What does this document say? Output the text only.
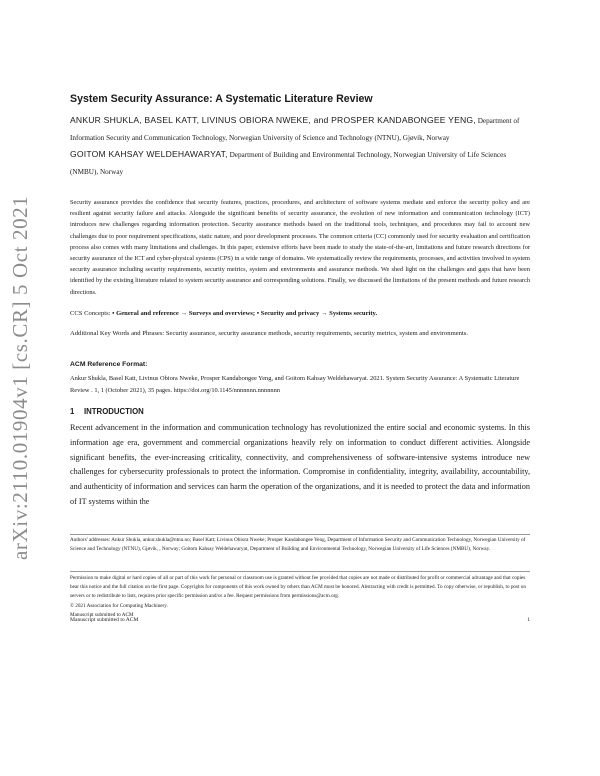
arXiv:2110.01904v1 [cs.CR] 5 Oct 2021
System Security Assurance: A Systematic Literature Review
ANKUR SHUKLA, BASEL KATT, LIVINUS OBIORA NWEKE, and PROSPER KANDABONGEE YENG, Department of Information Security and Communication Technology, Norwegian University of Science and Technology (NTNU), Gjøvik, Norway
GOITOM KAHSAY WELDEHAWARYAT, Department of Building and Environmental Technology, Norwegian University of Life Sciences (NMBU), Norway
Security assurance provides the confidence that security features, practices, procedures, and architecture of software systems mediate and enforce the security policy and are resilient against security failure and attacks. Alongside the significant benefits of security assurance, the evolution of new information and communication technology (ICT) introduces new challenges regarding information protection. Security assurance methods based on the traditional tools, techniques, and procedures may fail to account new challenges due to poor requirement specifications, static nature, and poor development processes. The common criteria (CC) commonly used for security evaluation and certification process also comes with many limitations and challenges. In this paper, extensive efforts have been made to study the state-of-the-art, limitations and future research directions for security assurance of the ICT and cyber-physical systems (CPS) in a wide range of domains. We systematically review the requirements, processes, and activities involved in system security assurance including security requirements, security metrics, system and environments and assurance methods. We shed light on the challenges and gaps that have been identified by the existing literature related to system security assurance and corresponding solutions. Finally, we discussed the limitations of the present methods and future research directions.
CCS Concepts: • General and reference → Surveys and overviews; • Security and privacy → Systems security.
Additional Key Words and Phrases: Security assurance, security assurance methods, security requirements, security metrics, system and environments.
ACM Reference Format:
Ankur Shukla, Basel Katt, Livinus Obiora Nweke, Prosper Kandabongee Yeng, and Goitom Kahsay Weldehawaryat. 2021. System Security Assurance: A Systematic Literature Review . 1, 1 (October 2021), 35 pages. https://doi.org/10.1145/nnnnnnn.nnnnnnn
1 INTRODUCTION
Recent advancement in the information and communication technology has revolutionized the entire social and economic systems. In this information age era, government and commercial organizations heavily rely on information to conduct different activities. Alongside significant benefits, the ever-increasing criticality, connectivity, and comprehensiveness of software-intensive systems introduce new challenges for cybersecurity professionals to protect the information. Compromise in confidentiality, integrity, availability, accountability, and authenticity of information and services can harm the operation of the organizations, and it is needed to protect the data and information of IT systems within the
Authors' addresses: Ankur Shukla, ankur.shukla@ntnu.no; Basel Katt; Livinus Obiora Nweke; Prosper Kandabongee Yeng, Department of Information Security and Communication Technology, Norwegian University of Science and Technology (NTNU), Gjøvik, , Norway; Goitom Kahsay Weldehawaryat, Department of Building and Environmental Technology, Norwegian University of Life Sciences (NMBU), Norway.
Permission to make digital or hard copies of all or part of this work for personal or classroom use is granted without fee provided that copies are not made or distributed for profit or commercial advantage and that copies bear this notice and the full citation on the first page. Copyrights for components of this work owned by others than ACM must be honored. Abstracting with credit is permitted. To copy otherwise, or republish, to post on servers or to redistribute to lists, requires prior specific permission and/or a fee. Request permissions from permissions@acm.org.
© 2021 Association for Computing Machinery.
Manuscript submitted to ACM
Manuscript submitted to ACM	1
